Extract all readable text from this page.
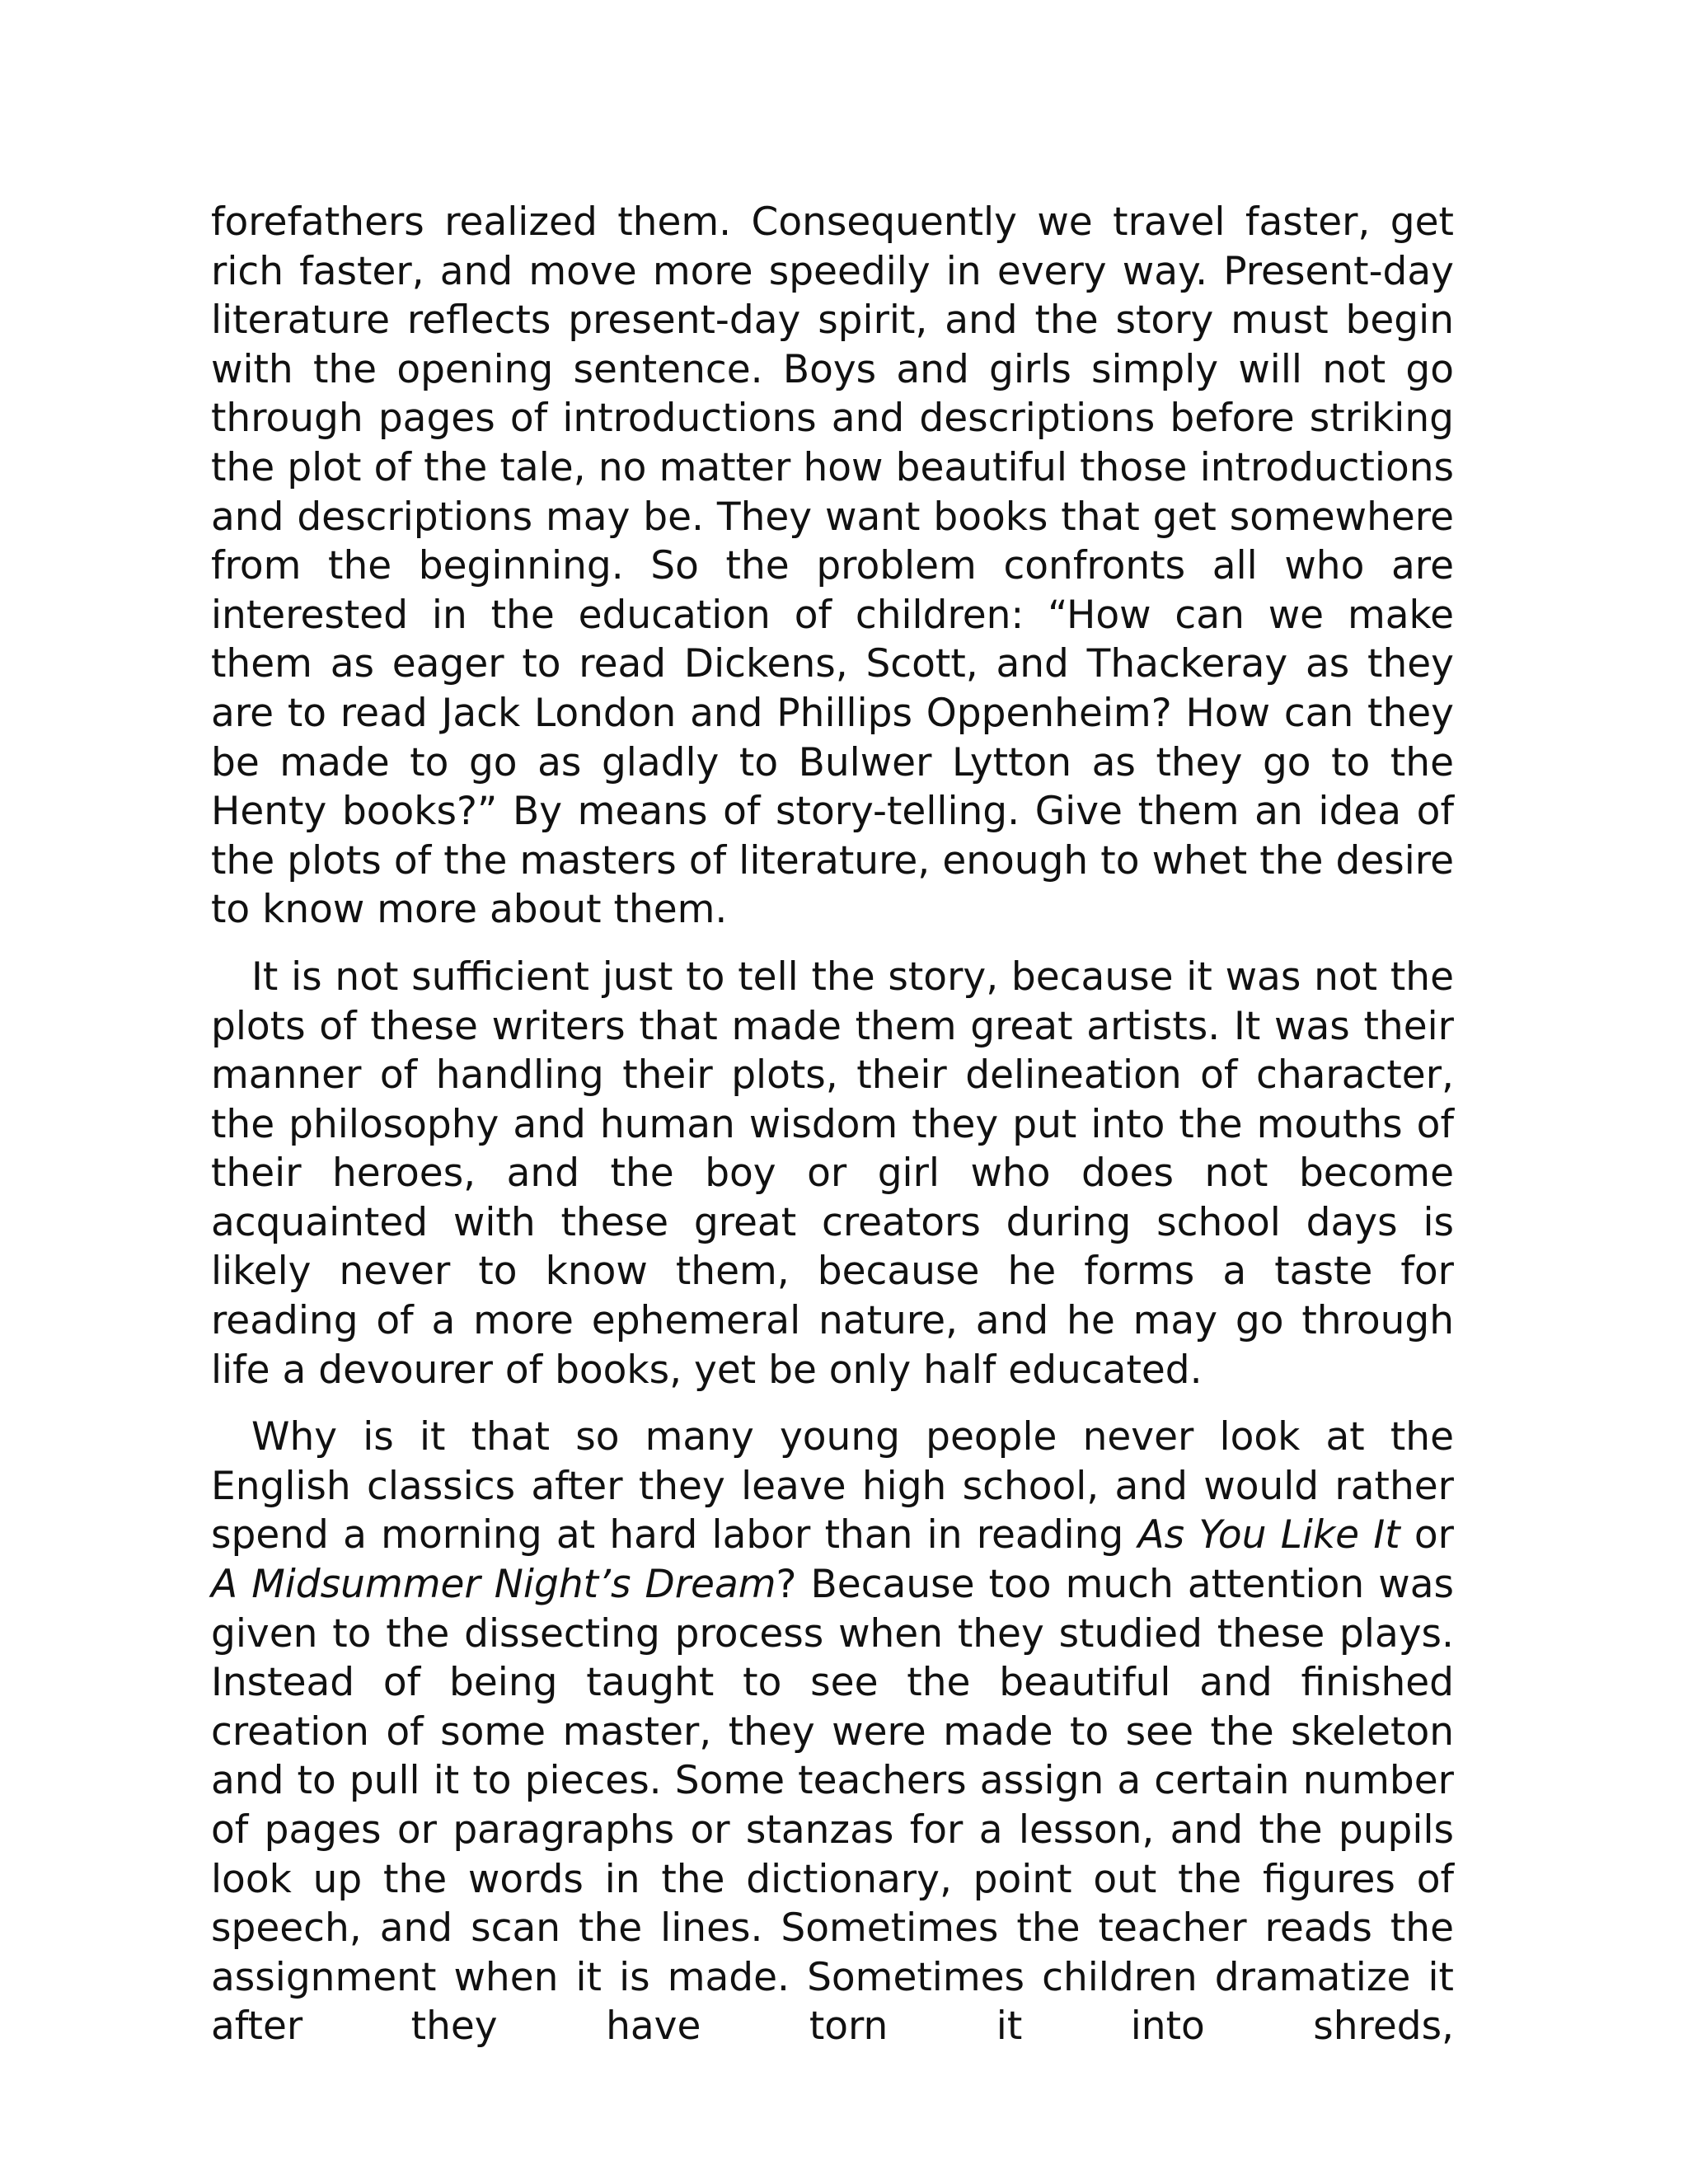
forefathers realized them. Consequently we travel faster, get rich faster, and move more speedily in every way. Present-day literature reflects present-day spirit, and the story must begin with the opening sentence. Boys and girls simply will not go through pages of introductions and descriptions before striking the plot of the tale, no matter how beautiful those introductions and descriptions may be. They want books that get somewhere from the beginning. So the problem confronts all who are interested in the education of children: “How can we make them as eager to read Dickens, Scott, and Thackeray as they are to read Jack London and Phillips Oppenheim? How can they be made to go as gladly to Bulwer Lytton as they go to the Henty books?” By means of story-telling. Give them an idea of the plots of the masters of literature, enough to whet the desire to know more about them.

It is not sufficient just to tell the story, because it was not the plots of these writers that made them great artists. It was their manner of handling their plots, their delineation of character, the philosophy and human wisdom they put into the mouths of their heroes, and the boy or girl who does not become acquainted with these great creators during school days is likely never to know them, because he forms a taste for reading of a more ephemeral nature, and he may go through life a devourer of books, yet be only half educated.

Why is it that so many young people never look at the English classics after they leave high school, and would rather spend a morning at hard labor than in reading As You Like It or A Midsummer Night’s Dream? Because too much attention was given to the dissecting process when they studied these plays. Instead of being taught to see the beautiful and finished creation of some master, they were made to see the skeleton and to pull it to pieces. Some teachers assign a certain number of pages or paragraphs or stanzas for a lesson, and the pupils look up the words in the dictionary, point out the figures of speech, and scan the lines. Sometimes the teacher reads the assignment when it is made. Sometimes children dramatize it after they have torn it into shreds,
